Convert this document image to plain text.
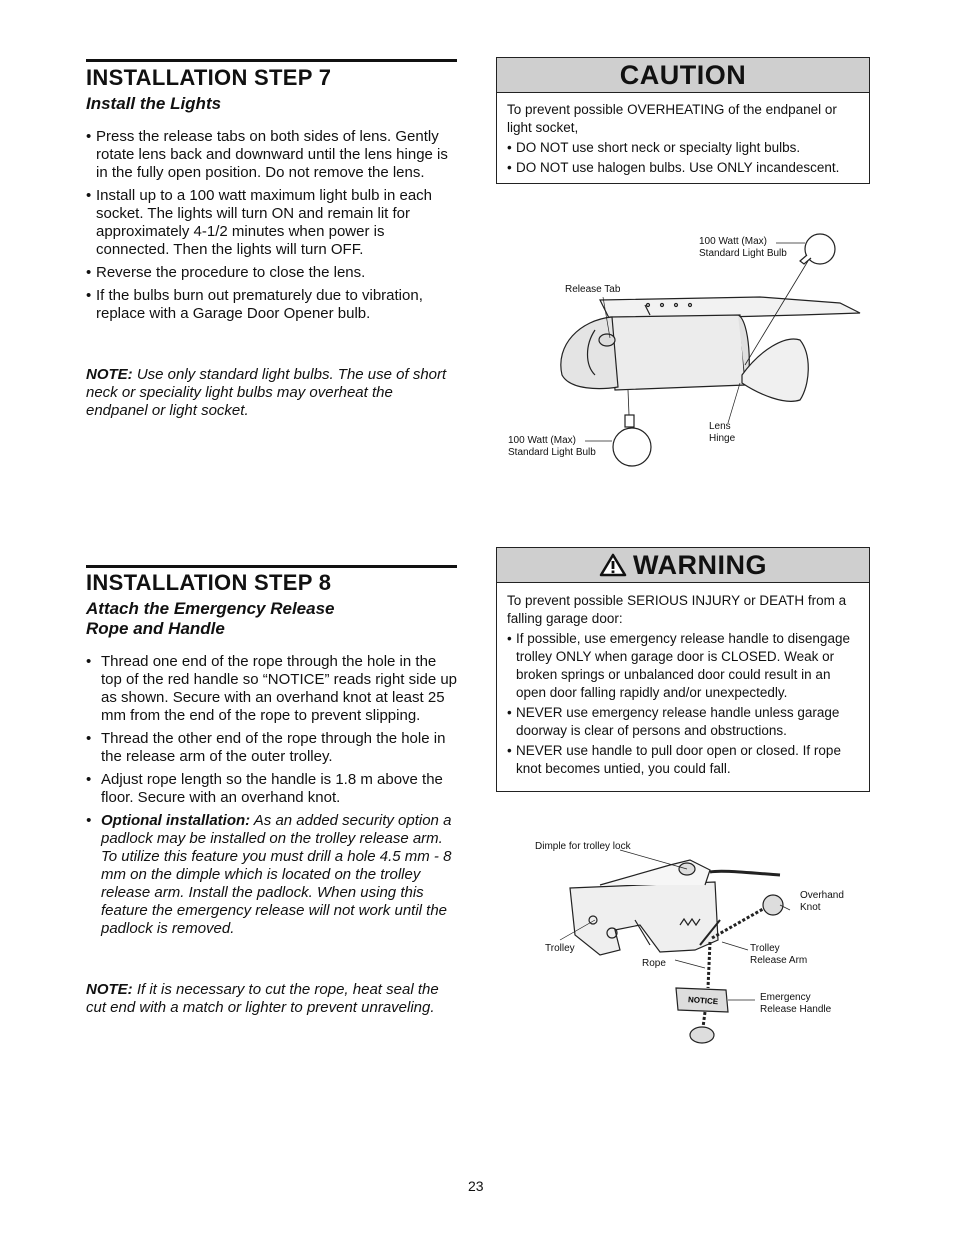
INSTALLATION STEP 7
Install the Lights
• Press the release tabs on both sides of lens. Gently rotate lens back and downward until the lens hinge is in the fully open position. Do not remove the lens.
• Install up to a 100 watt maximum light bulb in each socket. The lights will turn ON and remain lit for approximately 4-1/2 minutes when power is connected. Then the lights will turn OFF.
• Reverse the procedure to close the lens.
• If the bulbs burn out prematurely due to vibration, replace with a Garage Door Opener bulb.
NOTE: Use only standard light bulbs. The use of short neck or speciality light bulbs may overheat the endpanel or light socket.
CAUTION
To prevent possible OVERHEATING of the endpanel or light socket,
• DO NOT use short neck or specialty light bulbs.
• DO NOT use halogen bulbs. Use ONLY incandescent.
100 Watt (Max)
Standard Light Bulb
Release Tab
Lens
Hinge
100 Watt (Max)
Standard Light Bulb
INSTALLATION STEP 8
Attach the Emergency Release
Rope and Handle
• Thread one end of the rope through the hole in the top of the red handle so “NOTICE” reads right side up as shown. Secure with an overhand knot at least 25 mm from the end of the rope to prevent slipping.
• Thread the other end of the rope through the hole in the release arm of the outer trolley.
• Adjust rope length so the handle is 1.8 m above the floor. Secure with an overhand knot.
• Optional installation: As an added security option a padlock may be installed on the trolley release arm. To utilize this feature you must drill a hole 4.5 mm - 8 mm on the dimple which is located on the trolley release arm. Install the padlock. When using this feature the emergency release will not work until the padlock is removed.
NOTE: If it is necessary to cut the rope, heat seal the cut end with a match or lighter to prevent unraveling.
WARNING
To prevent possible SERIOUS INJURY or DEATH from a falling garage door:
• If possible, use emergency release handle to disengage trolley ONLY when garage door is CLOSED. Weak or broken springs or unbalanced door could result in an open door falling rapidly and/or unexpectedly.
• NEVER use emergency release handle unless garage doorway is clear of persons and obstructions.
• NEVER use handle to pull door open or closed. If rope knot becomes untied, you could fall.
NOTICE
Dimple for trolley lock
Overhand
Knot
Trolley
Rope
Trolley
Release Arm
Emergency
Release Handle
23
